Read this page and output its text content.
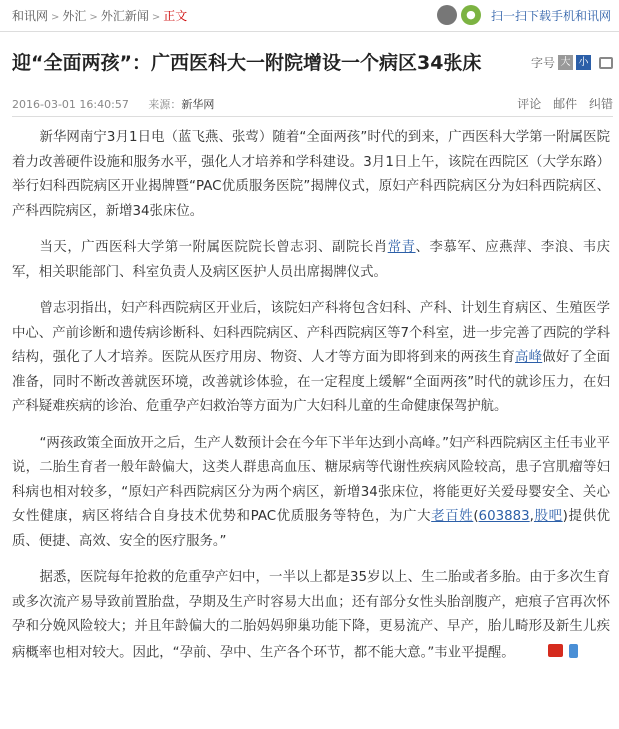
和讯网 > 外汇 > 外汇新闻 > 正文	●	扫一扫下载手机和讯网
迎“全面两孩”：广西医科大一附院增设一个病区34张床	字号 大 小
2016-03-01 16:40:57 来源：新华网	评论 邮件 纠错

新华网南宁3月1日电（蓝飞燕、张莺）随着“全面两孩”时代的到来，广西医科大学第一附属医院着力改善硬件设施和服务水平，强化人才培养和学科建设。3月1日上午，该院在西院区（大学东路）举行妇科西院病区开业揭牌暨“PAC优质服务医院”揭牌仪式，原妇产科西院病区分为妇科西院病区、产科西院病区，新增34张床位。

当天，广西医科大学第一附属医院院长曾志羽、副院长肖常青、李慕军、应燕萍、李浪、韦庆军，相关职能部门、科室负责人及病区医护人员出席揭牌仪式。

曾志羽指出，妇产科西院病区开业后，该院妇产科将包含妇科、产科、计划生育病区、生殖医学中心、产前诊断和遗传病诊断科、妇科西院病区、产科西院病区等7个科室，进一步完善了西院的学科结构，强化了人才培养。医院从医疗用房、物资、人才等方面为即将到来的两孩生育高峰做好了全面准备，同时不断改善就医环境，改善就诊体验，在一定程度上缓解“全面两孩”时代的就诊压力，在妇产科疑难疾病的诊治、危重孕产妇救治等方面为广大妇科儿童的生命健康保驾护航。

“两孩政策全面放开之后，生产人数预计会在今年下半年达到小高峰。”妇产科西院病区主任韦业平说，二胎生育者一般年龄偏大，这类人群患高血压、糖尿病等代谢性疾病风险较高，患子宫肌瘤等妇科病也相对较多，“原妇产科西院病区分为两个病区，新增34张床位，将能更好关爱母婴安全、关心女性健康，病区将结合自身技术优势和PAC优质服务等特色，为广大老百姓(603883,股吧)提供优质、便捷、高效、安全的医疗服务。”

据悉，医院每年抢救的危重孕产妇中，一半以上都是35岁以上、生二胎或者多胎。由于多次生育或多次流产易导致前置胎盘，孕期及生产时容易大出血；还有部分女性头胎剖腹产，疤痕子宫再次怀孕和分娩风险较大；并且年龄偏大的二胎妈妈卵巢功能下降，更易流产、早产，胎儿畸形及新生儿疾病概率也相对较大。因此，“孕前、孕中、生产各个环节，都不能大意。”韦业平提醒。
